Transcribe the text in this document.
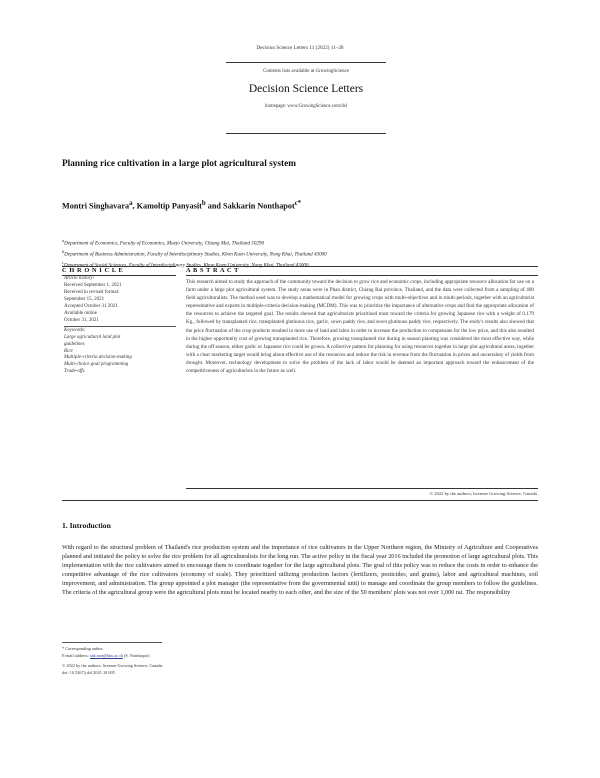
Decision Science Letters 11 (2022) 11–28
Contents lists available at GrowingScience
Decision Science Letters
homepage: www.GrowingScience.com/dsl
Planning rice cultivation in a large plot agricultural system
Montri Singhavara$^a$, Kamoltip Panyasit$^b$ and Sakkarin Nonthapot$^{c*}$
$^a$Department of Economics, Faculty of Economics, Maejo University, Chiang Mai, Thailand 50290
$^b$Department of Business Administration, Faculty of Interdisciplinary Studies, Khon Kaen University, Nong Khai, Thailand 43000
$^c$Department of Social Sciences, Faculty of Interdisciplinary Studies, Khon Kaen University, Nong Khai, Thailand 43000
C H R O N I C L E	A B S T R A C T
Article history:
Received September 1, 2021
Received in revised format:
September 15, 2021
Accepted October 31 2021
Available online
October 31, 2021
Keywords:
Large agricultural land plot
guidelines
Rice
Multiple-criteria decision-making
Multi-choice goal programming
Trade-offs
This research aimed to study the approach of the community toward the decision to grow rice and economic crops, including appropriate resource allocation for use on a farm under a large plot agricultural system. The study areas were in Phan district, Chiang Rai province, Thailand, and the data were collected from a sampling of 400 field agriculturalists. The method used was to develop a mathematical model for growing crops with multi-objectives and in multi-periods, together with an agriculturist representative and experts in multiple-criteria decision-making (MCDM). This was to prioritize the importance of alternative crops and find the appropriate allocation of the resources to achieve the targeted goal. The results showed that agriculturists prioritized most toward the criteria for growing Japanese rice with a weight of 0.179 Kg., followed by transplanted rice, transplanted glutinous rice, garlic, sown paddy rice, and sown glutinous paddy rice, respectively. The study's results also showed that the price fluctuation of the crop products resulted in more use of land and labor in order to increase the production to compensate for the low price, and this also resulted in the higher opportunity cost of growing transplanted rice. Therefore, growing transplanted rice during in season planting was considered the most effective way, while during the off season, either garlic or Japanese rice could be grown. A collective pattern for planning for using resources together in large plot agricultural areas, together with a clear marketing target would bring about effective use of the resources and reduce the risk in revenue from the fluctuation in prices and uncertainty of yields from drought. Moreover, technology development to solve the problem of the lack of labor would be deemed an important approach toward the enhancement of the competitiveness of agriculturists in the future as well.
© 2022 by the authors; licensee Growing Science, Canada.
1. Introduction
With regard to the structural problem of Thailand's rice production system and the importance of rice cultivators in the Upper Northern region, the Ministry of Agriculture and Cooperatives planned and initiated the policy to solve the rice problem for all agriculturalists for the long run. The active policy in the fiscal year 2016 included the promotion of large agricultural plots. This implementation with the rice cultivators aimed to encourage them to coordinate together for the large agricultural plots. The goal of this policy was to reduce the costs in order to enhance the competitive advantage of the rice cultivators (economy of scale). They prioritized utilizing production factors (fertilizers, pesticides, and grains), labor and agricultural machines, soil improvement, and administration. The group appointed a plot manager (the representative from the governmental unit) to manage and coordinate the group members to follow the guidelines. The criteria of the agricultural group were the agricultural plots must be located nearby to each other, and the size of the 50 members' plots was not over 1,000 rai. The responsibility
* Corresponding author.
E-mail address: sak.non@kku.ac.th (S. Nonthapot)
© 2022 by the authors; licensee Growing Science, Canada.
doi: 10.5267/j.dsl.2021.10.005
